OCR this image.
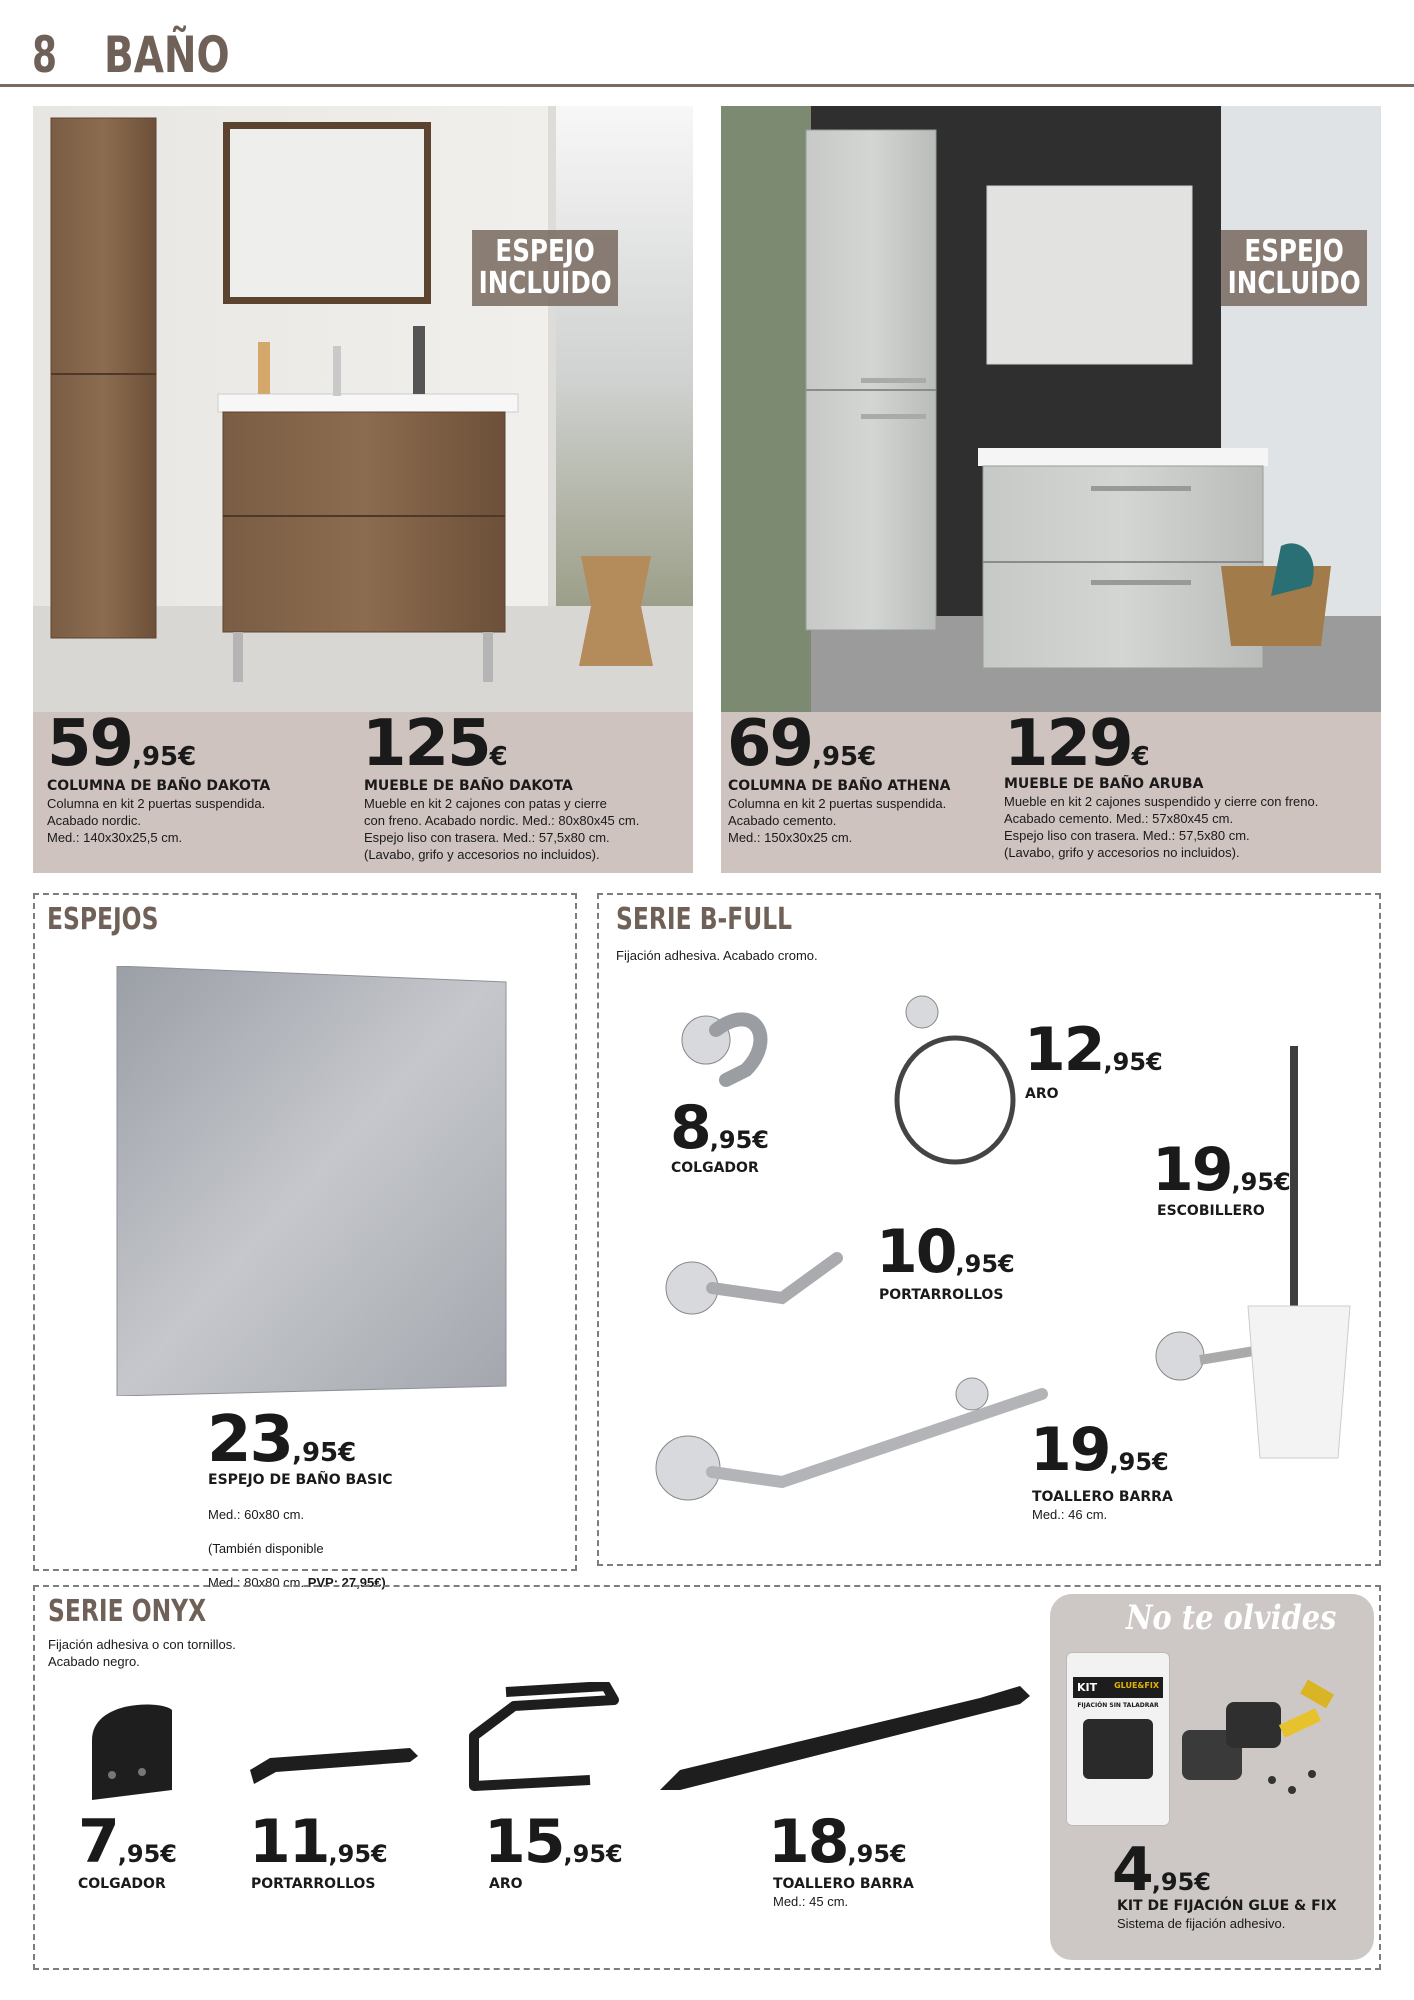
8 BAÑO
ESPEJO
INCLUIDO
ESPEJO
INCLUIDO
59,95€
COLUMNA DE BAÑO DAKOTA
Columna en kit 2 puertas suspendida.
Acabado nordic.
Med.: 140x30x25,5 cm.
125€
MUEBLE DE BAÑO DAKOTA
Mueble en kit 2 cajones con patas y cierre
con freno. Acabado nordic. Med.: 80x80x45 cm.
Espejo liso con trasera. Med.: 57,5x80 cm.
(Lavabo, grifo y accesorios no incluidos).
69,95€
COLUMNA DE BAÑO ATHENA
Columna en kit 2 puertas suspendida.
Acabado cemento.
Med.: 150x30x25 cm.
129€
MUEBLE DE BAÑO ARUBA
Mueble en kit 2 cajones suspendido y cierre con freno.
Acabado cemento. Med.: 57x80x45 cm.
Espejo liso con trasera. Med.: 57,5x80 cm.
(Lavabo, grifo y accesorios no incluidos).
ESPEJOS
23,95€
ESPEJO DE BAÑO BASIC

Med.: 60x80 cm.

(También disponible

Med.: 80x80 cm. PVP: 27,95€)

SERIE B-FULL
Fijación adhesiva. Acabado cromo.
8,95€
COLGADOR
12,95€
ARO
19,95€
ESCOBILLERO
10,95€
PORTARROLLOS
19,95€
TOALLERO BARRA
Med.: 46 cm.
SERIE ONYX
Fijación adhesiva o con tornillos.
Acabado negro.
7,95€
COLGADOR
11,95€
PORTARROLLOS
15,95€
ARO
18,95€
TOALLERO BARRA
Med.: 45 cm.
No te olvides
KIT GLUE&FIX
FIJACIÓN SIN TALADRAR
4,95€
KIT DE FIJACIÓN GLUE & FIX
Sistema de fijación adhesivo.
